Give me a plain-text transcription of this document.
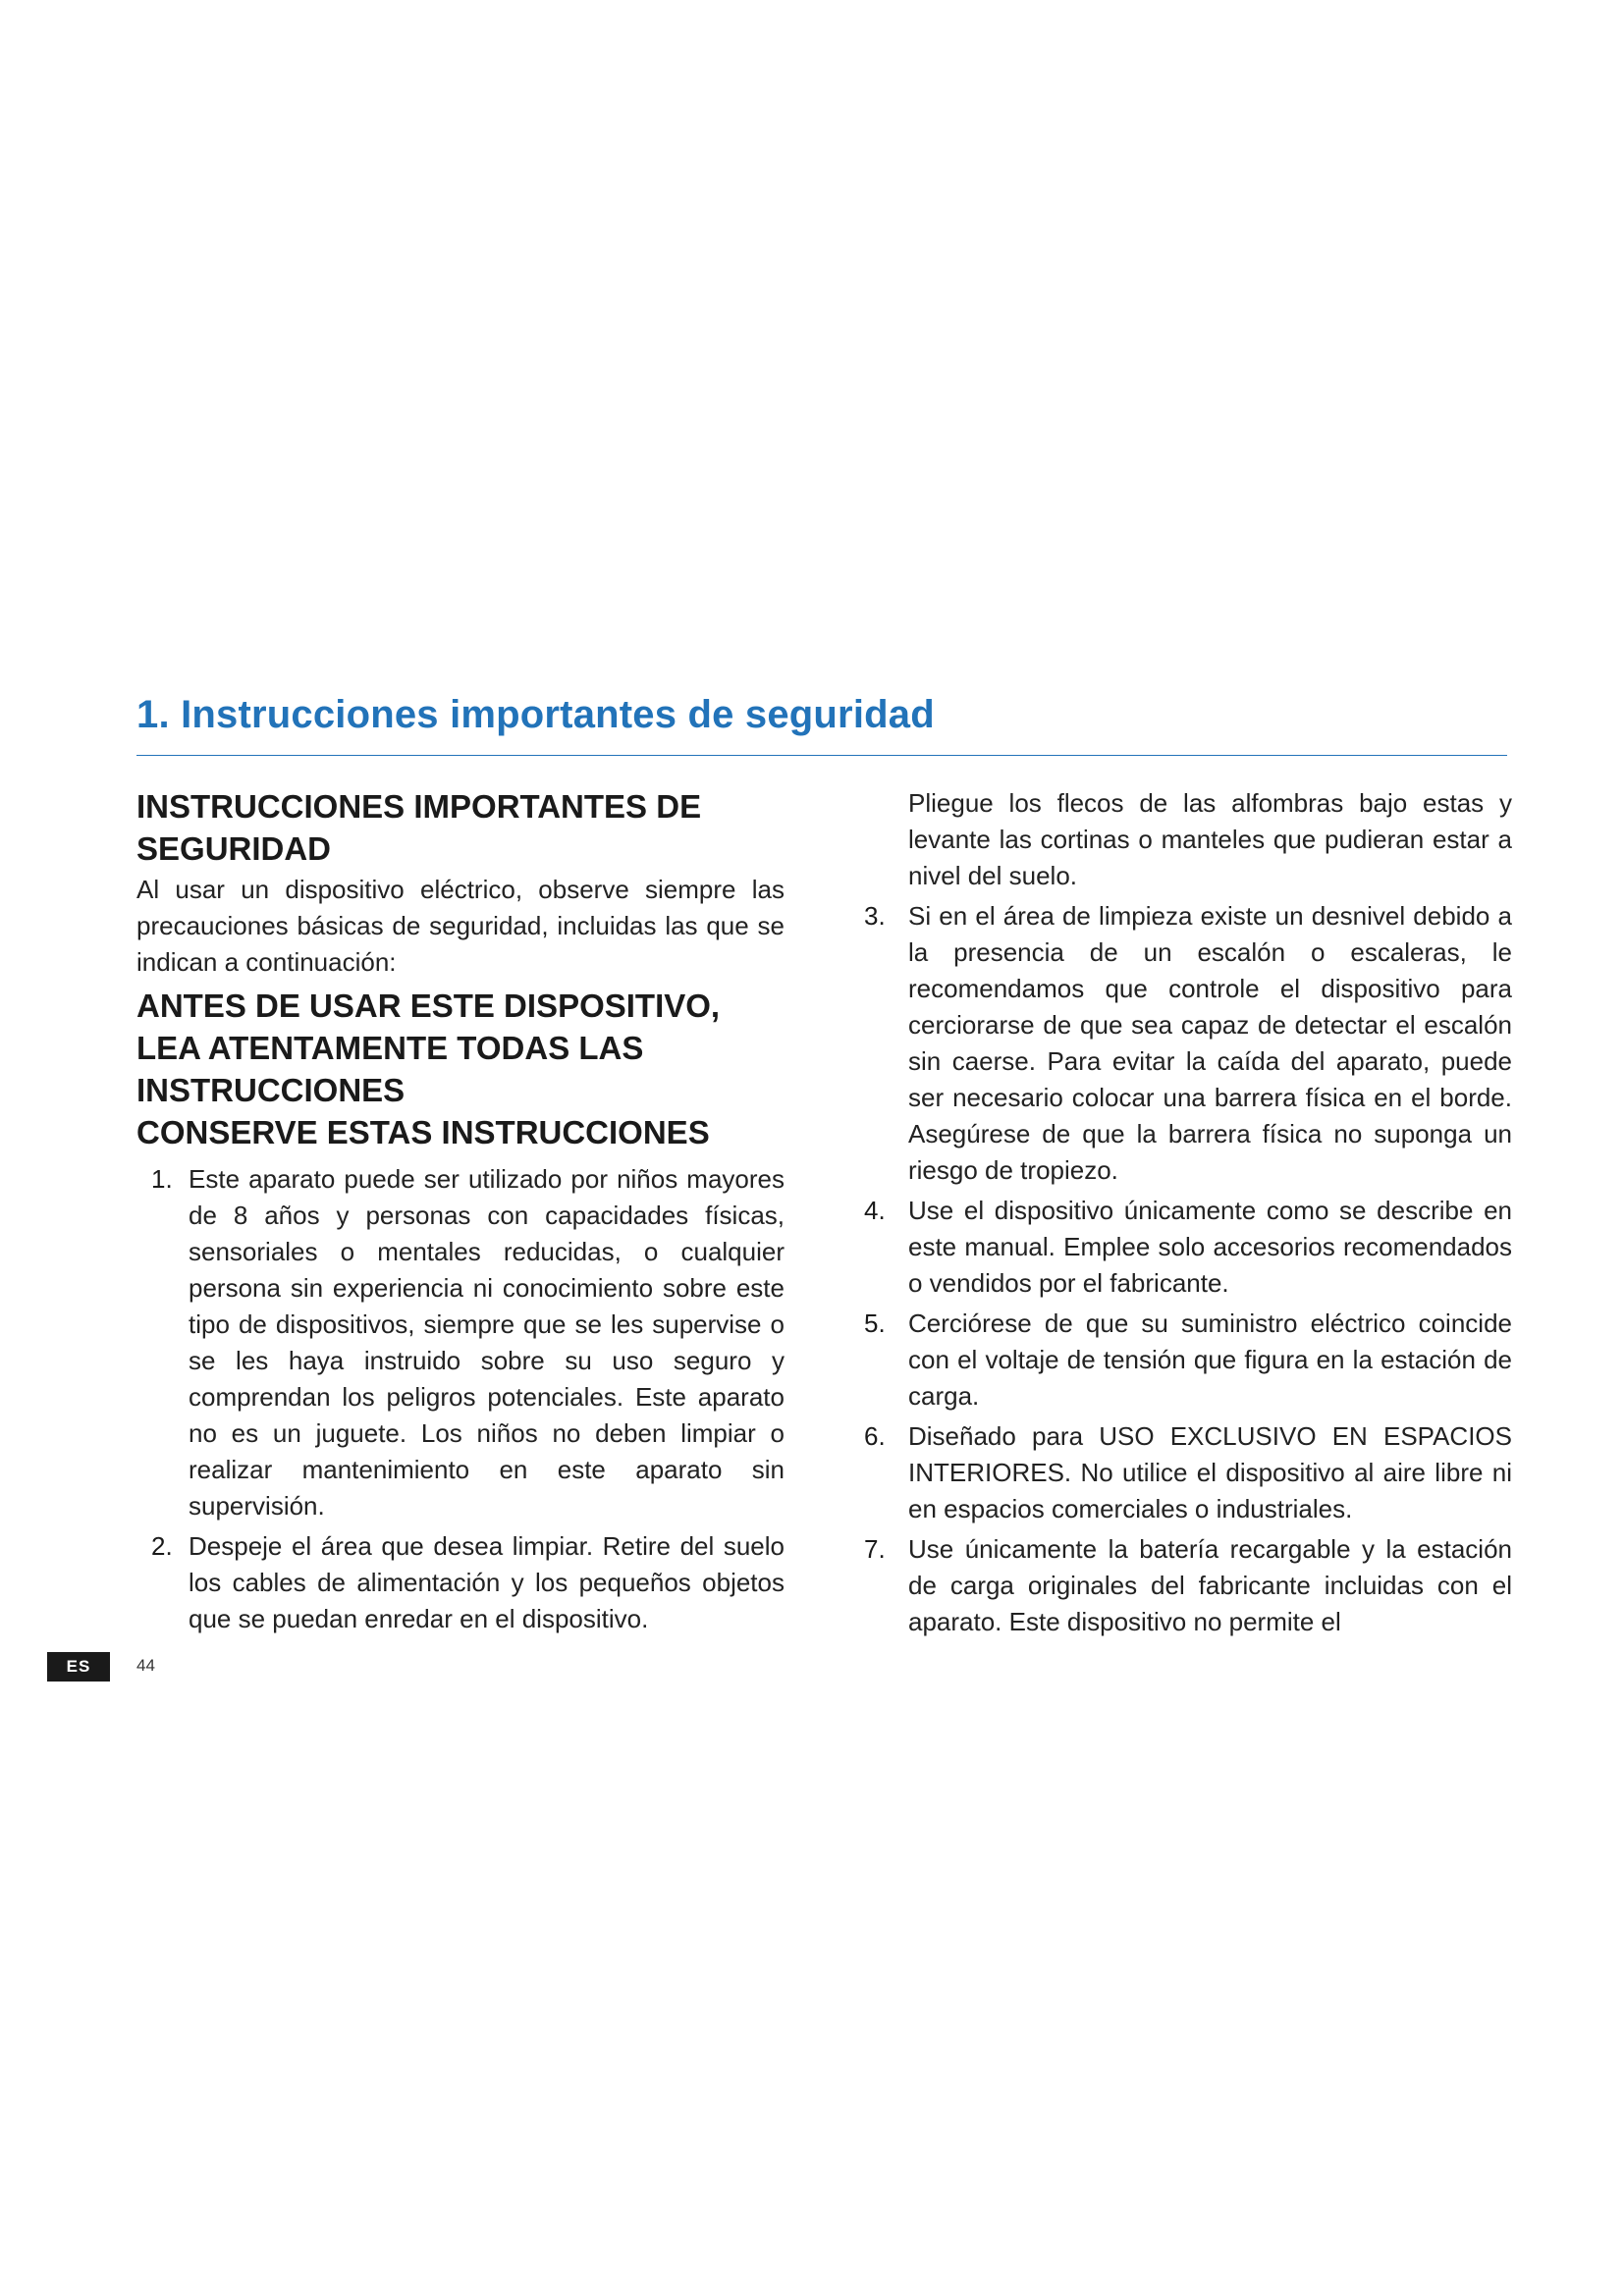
1. Instrucciones importantes de seguridad
INSTRUCCIONES IMPORTANTES DE
SEGURIDAD

Al usar un dispositivo eléctrico, observe siempre las precauciones básicas de seguridad, incluidas las que se indican a continuación:

ANTES DE USAR ESTE DISPOSITIVO,
LEA ATENTAMENTE TODAS LAS
INSTRUCCIONES
CONSERVE ESTAS INSTRUCCIONES
1. Este aparato puede ser utilizado por niños mayores de 8 años y personas con capacidades físicas, sensoriales o mentales reducidas, o cualquier persona sin experiencia ni conocimiento sobre este tipo de dispositivos, siempre que se les supervise o se les haya instruido sobre su uso seguro y comprendan los peligros potenciales. Este aparato no es un juguete. Los niños no deben limpiar o realizar mantenimiento en este aparato sin supervisión.
2. Despeje el área que desea limpiar. Retire del suelo los cables de alimentación y los pequeños objetos que se puedan enredar en el dispositivo.

Pliegue los flecos de las alfombras bajo estas y levante las cortinas o manteles que pudieran estar a nivel del suelo.

3. Si en el área de limpieza existe un desnivel debido a la presencia de un escalón o escaleras, le recomendamos que controle el dispositivo para cerciorarse de que sea capaz de detectar el escalón sin caerse. Para evitar la caída del aparato, puede ser necesario colocar una barrera física en el borde. Asegúrese de que la barrera física no suponga un riesgo de tropiezo.
4. Use el dispositivo únicamente como se describe en este manual. Emplee solo accesorios recomendados o vendidos por el fabricante.
5. Cerciórese de que su suministro eléctrico coincide con el voltaje de tensión que figura en la estación de carga.
6. Diseñado para USO EXCLUSIVO EN ESPACIOS INTERIORES. No utilice el dispositivo al aire libre ni en espacios comerciales o industriales.
7. Use únicamente la batería recargable y la estación de carga originales del fabricante incluidas con el aparato. Este dispositivo no permite el
ES	44
